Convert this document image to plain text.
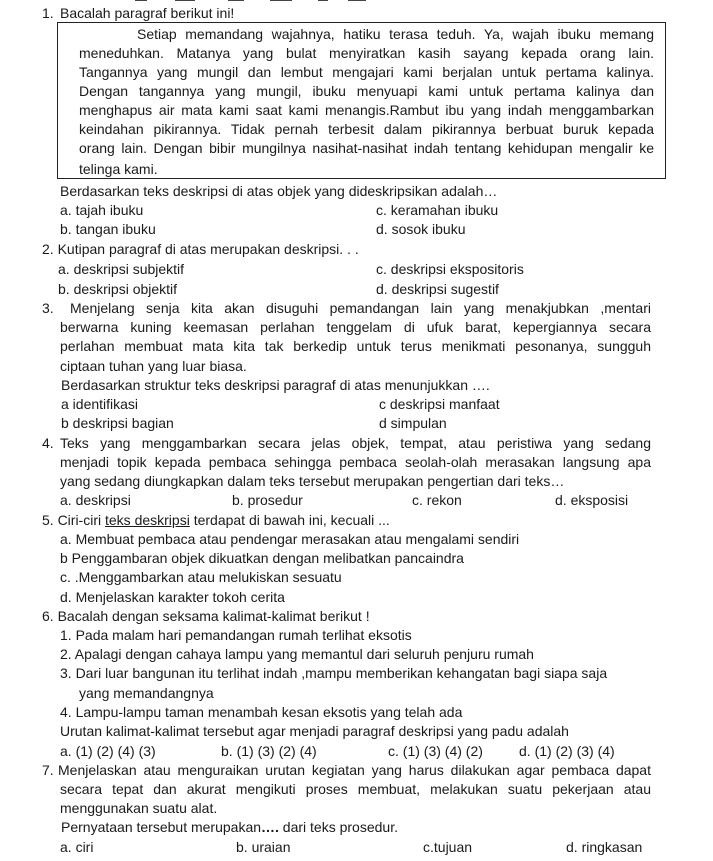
1. Bacalah paragraf berikut ini!
Setiap memandang wajahnya, hatiku terasa teduh. Ya, wajah ibuku memang
meneduhkan. Matanya yang bulat menyiratkan kasih sayang kepada orang lain.
Tangannya yang mungil dan lembut mengajari kami berjalan untuk pertama kalinya.
Dengan tangannya yang mungil, ibuku menyuapi kami untuk pertama kalinya dan
menghapus air mata kami saat kami menangis.Rambut ibu yang indah menggambarkan
keindahan pikirannya. Tidak pernah terbesit dalam pikirannya berbuat buruk kepada
orang lain. Dengan bibir mungilnya nasihat-nasihat indah tentang kehidupan mengalir ke
telinga kami.
Berdasarkan teks deskripsi di atas objek yang dideskripsikan adalah…
a. tajah ibuku	c. keramahan ibuku
b. tangan ibuku	d. sosok ibuku
2. Kutipan paragraf di atas merupakan deskripsi. . .
a. deskripsi subjektif	c. deskripsi ekspositoris
b. deskripsi objektif	d. deskripsi sugestif
3. Menjelang senja kita akan disuguhi pemandangan lain yang menakjubkan ,mentari
berwarna kuning keemasan perlahan tenggelam di ufuk barat, kepergiannya secara
perlahan membuat mata kita tak berkedip untuk terus menikmati pesonanya, sungguh
ciptaan tuhan yang luar biasa.
Berdasarkan struktur teks deskripsi paragraf di atas menunjukkan ….
a identifikasi	c deskripsi manfaat
b deskripsi bagian	d simpulan
4. Teks yang menggambarkan secara jelas objek, tempat, atau peristiwa yang sedang
menjadi topik kepada pembaca sehingga pembaca seolah-olah merasakan langsung apa
yang sedang diungkapkan dalam teks tersebut merupakan pengertian dari teks…
a. deskripsi	b. prosedur	c. rekon	d. eksposisi
5. Ciri-ciri teks deskripsi terdapat di bawah ini, kecuali ...
a. Membuat pembaca atau pendengar merasakan atau mengalami sendiri
b Penggambaran objek dikuatkan dengan melibatkan pancaindra
c. .Menggambarkan atau melukiskan sesuatu
d. Menjelaskan karakter tokoh cerita
6. Bacalah dengan seksama kalimat-kalimat berikut !
1. Pada malam hari pemandangan rumah terlihat eksotis
2. Apalagi dengan cahaya lampu yang memantul dari seluruh penjuru rumah
3. Dari luar bangunan itu terlihat indah ,mampu memberikan kehangatan bagi siapa saja
yang memandangnya
4. Lampu-lampu taman menambah kesan eksotis yang telah ada
Urutan kalimat-kalimat tersebut agar menjadi paragraf deskripsi yang padu adalah
a. (1) (2) (4) (3)	b. (1) (3) (2) (4)	c. (1) (3) (4) (2)	d. (1) (2) (3) (4)
7. Menjelaskan atau menguraikan urutan kegiatan yang harus dilakukan agar pembaca dapat
secara tepat dan akurat mengikuti proses membuat, melakukan suatu pekerjaan atau
menggunakan suatu alat.
Pernyataan tersebut merupakan…. dari teks prosedur.
a. ciri	b. uraian	c.tujuan	d. ringkasan
